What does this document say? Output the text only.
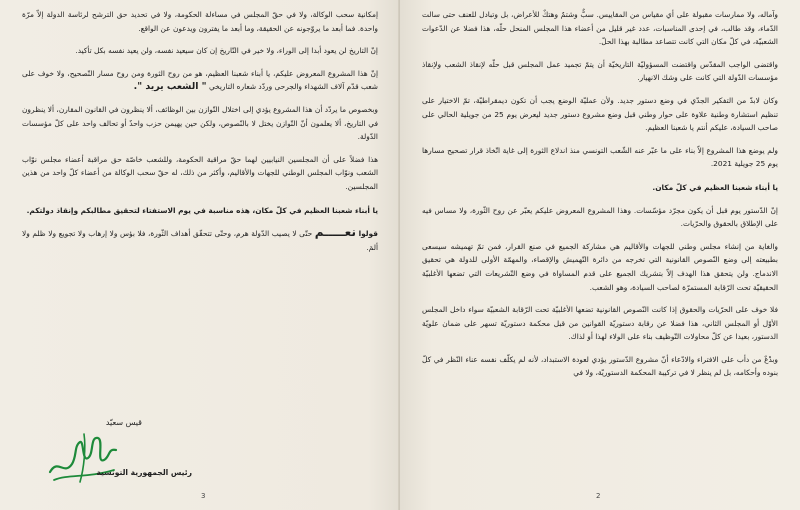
إمكانية سحب الوكالة، ولا في حقّ المجلس في مساءلة الحكومة، ولا في تحديد حق الترشح لرئاسة الدولة إلاّ مرّة واحدة. فما أبعد ما يروّجونه عن الحقيقة، وما أبعد ما يفترون ويدعون عن الواقع.

إنّ التاريخ لن يعود أبدا إلى الوراء، ولا خير في التّاريخ إن كان سيعيد نفسه، ولن يعيد نفسه بكل تأكيد.

إنّ هذا المشروع المعروض عليكم، يا أبناء شعبنا العظيم، هو من روح الثورة ومن روح مسار التّصحيح، ولا خوف على شعب قدّم آلاف الشهداء والجرحى وردّد شعاره التاريخي " الشعب يريد ".

وبخصوص ما يردّد أن هذا المشروع يؤدي إلى اختلال التّوازن بين الوظائف، ألا ينظرون في القانون المقارن، ألا ينظرون في التاريخ، ألا يعلمون أنّ التّوازن يختل لا بالنّصوص، ولكن حين يهيمن حزب واحدٌ أو تحالف واحد على كلّ مؤسسات الدّولة.

هذا فضلاً على أن المجلسين النيابيين لهما حقّ مراقبة الحكومة، وللشعب خاصّة حق مراقبة أعضاء مجلس نوّاب الشعب ونوّاب المجلس الوطني للجهات والأقاليم، وأكثر من ذلك، له حقّ سحب الوكالة من أعضاء كلّ واحد من هذين المجلسين.

يا أبناء شعبنا العظيم في كلّ مكان، هذه مناسبة في يوم الاستفتاء لتحقيق مطالبكم وإنقاذ دولتكم.

قولوا نعـــــم حتّى لا يصيب الدّولة هرم، وحتّى تتحقّق أهداف الثّورة، فلا بؤس ولا إرهاب ولا تجويع ولا ظلم ولا ألمَ.

قيس سعيّد
رئيس الجمهورية التونسية
3

وآماله، ولا ممارسات مقبولة على أي مقياس من المقاييس. سبٌّ وشتمٌ وهتكٌ للأعراض، بل وتبادل للعنف حتى سالت الدّماء، وقد طالب، في إحدى المناسبات، عدد غير قليل من أعضاء هذا المجلس المنحل حلّه، هذا فضلا عن الدّعوات الشعبيّة، في كلّ مكان التي كانت تتصاعد مطالبة بهذا الحلّ.

واقتضى الواجب المقدّس واقتضت المسؤوليّة التاريخيّة أن يتمّ تجميد عمل المجلس قبل حلّه لإنقاذ الشعب ولإنقاذ مؤسسات الدّولة التي كانت على وشك الانهيار.

وكان لابدّ من التفكير الجدّي في وضع دستور جديد. ولأن عمليّة الوضع يجب أن تكون ديمقراطيّة، تمّ الاختيار على تنظيم استشارة وطنية علاوة على حوار وطني قبل وضع مشروع دستور جديد ليعرض يوم 25 من جويلية الحالي على صاحب السيادة، عليكم أنتم يا شعبنا العظيم.

ولم يوضع هذا المشروع إلاّ بناء على ما عبّر عنه الشّعب التونسي منذ اندلاع الثورة إلى غاية اتّخاذ قرار تصحيح مسارها يوم 25 جويلية 2021.

يا أبناء شعبنا العظيم في كلّ مكان.

إنّ الدّستور يوم قبل أن يكون مجرّد مؤسّسات. وهذا المشروع المعروض عليكم يعبّر عن روح الثّورة، ولا مساس فيه على الإطلاق بالحقوق والحرّيات.

والغاية من إنشاء مجلس وطني للجهات والأقاليم هي مشاركة الجميع في صنع القرار، فمن تمّ تهميشه سيسعى بطبيعته إلى وضع النّصوص القانونية التي تخرجه من دائرة التّهميش والإقصاء، والمهمّة الأولى للدولة هي تحقيق الاندماج. ولن يتحقق هذا الهدف إلاّ بتشريك الجميع على قدم المساواة في وضع التّشريعات التي تضعها الأغلبيّة الحقيقيّة تحت الرّقابة المستمرّة لصاحب السيادة، وهو الشعب.

فلا خوف على الحرّيات والحقوق إذا كانت النّصوص القانونية تضعها الأغلبيّة تحت الرّقابة الشعبيّة سواء داخل المجلس الأوّل أو المجلس الثاني، هذا فضلا عن رقابة دستوريّة القوانين من قبل محكمة دستوريّة تسهر على ضمان علويّة الدستور، بعيدا عن كلّ محاولات التّوظيف بناء على الولاء لهذا أو لذاك.

وبدْعٌ من دأب على الافتراء والادّعاء أنّ مشروع الدّستور يؤدي لعودة الاستبداد، لأنه لم يكلّف نفسه عناء النّظر في كلّ بنوده وأحكامه، بل لم ينظر لا في تركيبة المحكمة الدستوريّة، ولا في

2
